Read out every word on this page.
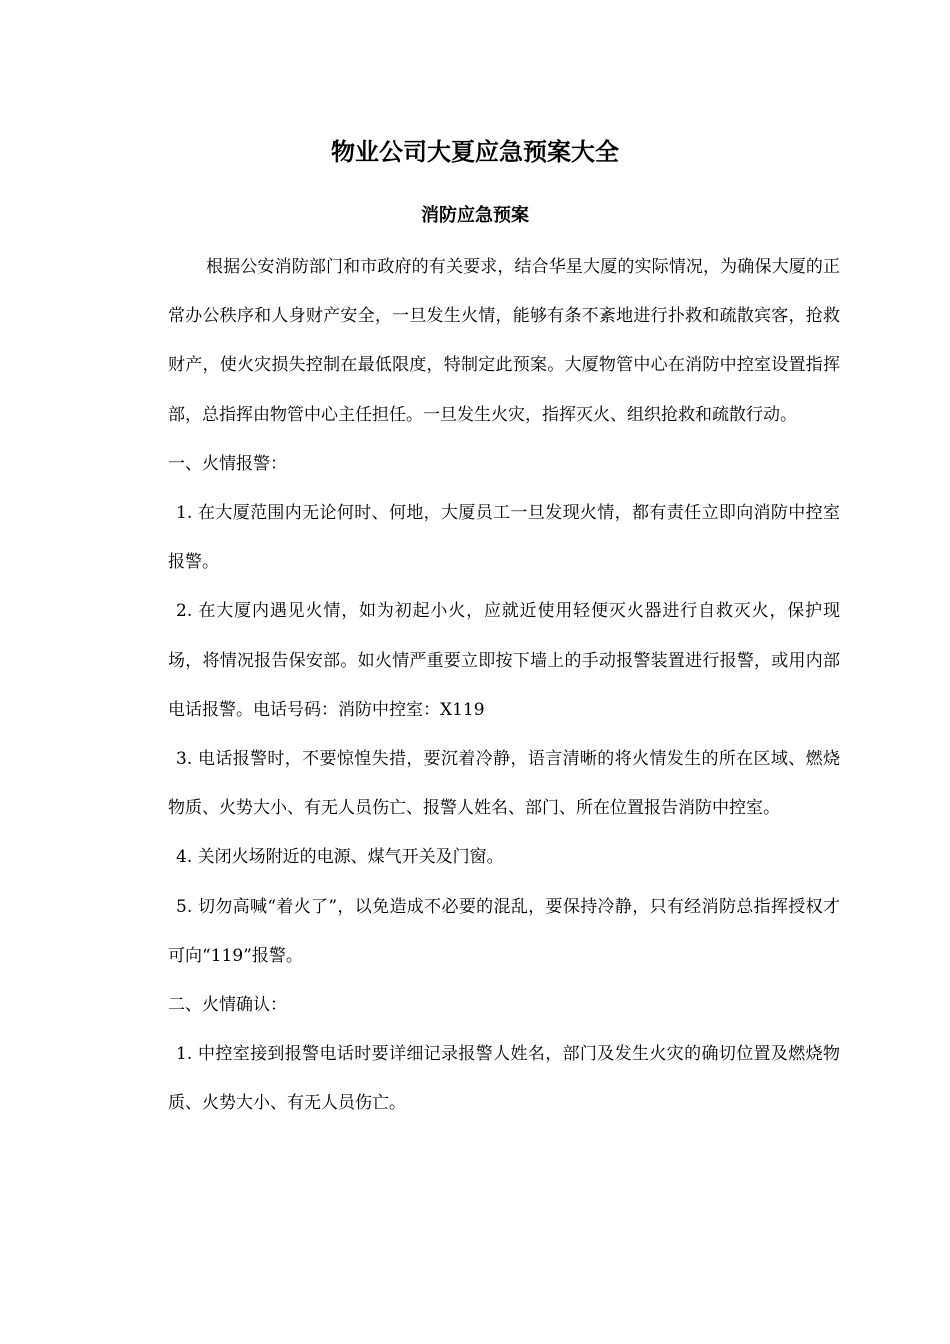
物业公司大夏应急预案大全
消防应急预案

根据公安消防部门和市政府的有关要求，结合华星大厦的实际情况，为确保大厦的正常办公秩序和人身财产安全，一旦发生火情，能够有条不紊地进行扑救和疏散宾客，抢救财产，使火灾损失控制在最低限度，特制定此预案。大厦物管中心在消防中控室设置指挥部，总指挥由物管中心主任担任。一旦发生火灾，指挥灭火、组织抢救和疏散行动。

一、火情报警：

1. 在大厦范围内无论何时、何地，大厦员工一旦发现火情，都有责任立即向消防中控室报警。

2. 在大厦内遇见火情，如为初起小火，应就近使用轻便灭火器进行自救灭火，保护现场，将情况报告保安部。如火情严重要立即按下墙上的手动报警装置进行报警，或用内部电话报警。电话号码：消防中控室：X119

3. 电话报警时，不要惊惶失措，要沉着冷静，语言清晰的将火情发生的所在区域、燃烧物质、火势大小、有无人员伤亡、报警人姓名、部门、所在位置报告消防中控室。

4. 关闭火场附近的电源、煤气开关及门窗。

5. 切勿高喊“着火了”，以免造成不必要的混乱，要保持冷静，只有经消防总指挥授权才可向“119”报警。

二、火情确认：

1. 中控室接到报警电话时要详细记录报警人姓名，部门及发生火灾的确切位置及燃烧物质、火势大小、有无人员伤亡。
